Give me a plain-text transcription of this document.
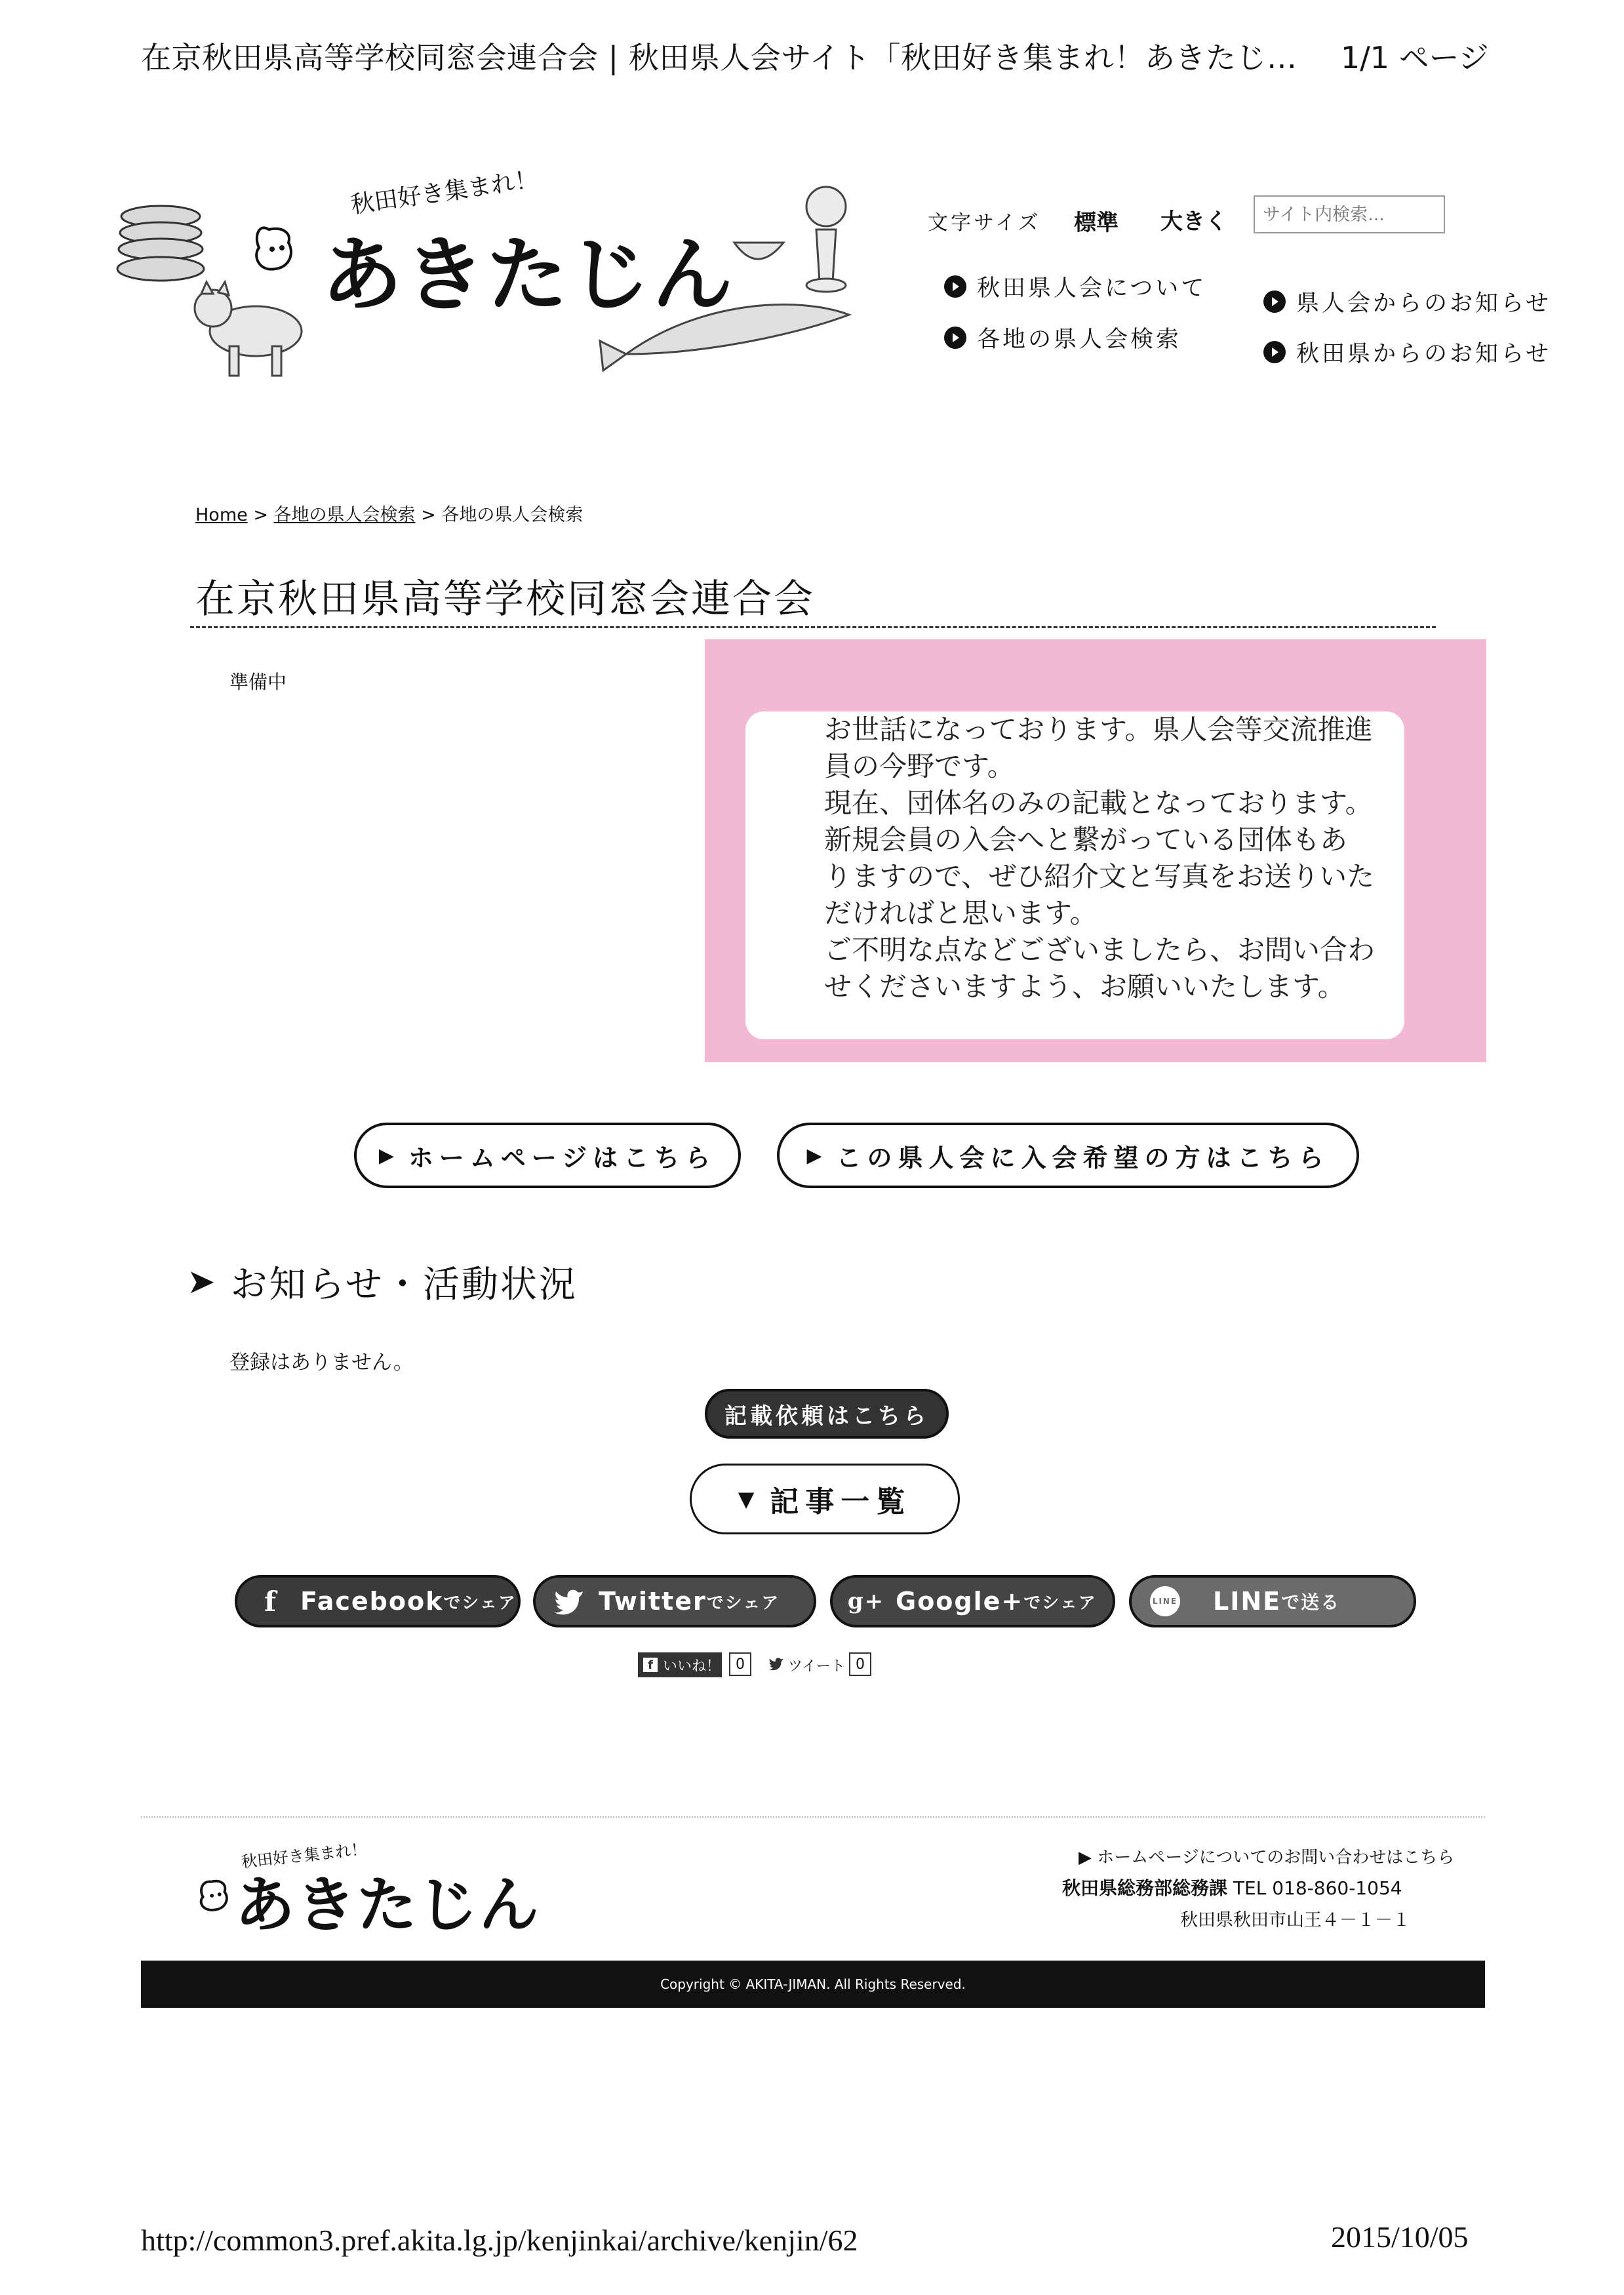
在京秋田県高等学校同窓会連合会 | 秋田県人会サイト「秋田好き集まれ！あきたじ… 1/1 ページ
秋田好き集まれ！
あきたじん
文字サイズ 標準 大きく
サイト内検索...
秋田県人会について
各地の県人会検索
県人会からのお知らせ
秋田県からのお知らせ
Home > 各地の県人会検索 > 各地の県人会検索
在京秋田県高等学校同窓会連合会
準備中

お世話になっております。県人会等交流推進

員の今野です。

現在、団体名のみの記載となっております。

新規会員の入会へと繋がっている団体もあ

りますので、ぜひ紹介文と写真をお送りいた

だければと思います。

ご不明な点などございましたら、お問い合わ

せくださいますよう、お願いいたします。

▶ ホームページはこちら	▶ この県人会に入会希望の方はこちら
➤ お知らせ・活動状況
登録はありません。
記載依頼はこちら
▼ 記事一覧
f Facebook でシェア	Twitter でシェア	g+ Google+ でシェア	LINE LINE で送る
f いいね！	0	ツイート 0
秋田好き集まれ！
あきたじん
▶ ホームページについてのお問い合わせはこちら
秋田県総務部総務課 TEL 018-860-1054
秋田県秋田市山王４－１－１
Copyright © AKITA-JIMAN. All Rights Reserved.
http://common3.pref.akita.lg.jp/kenjinkai/archive/kenjin/62	2015/10/05
